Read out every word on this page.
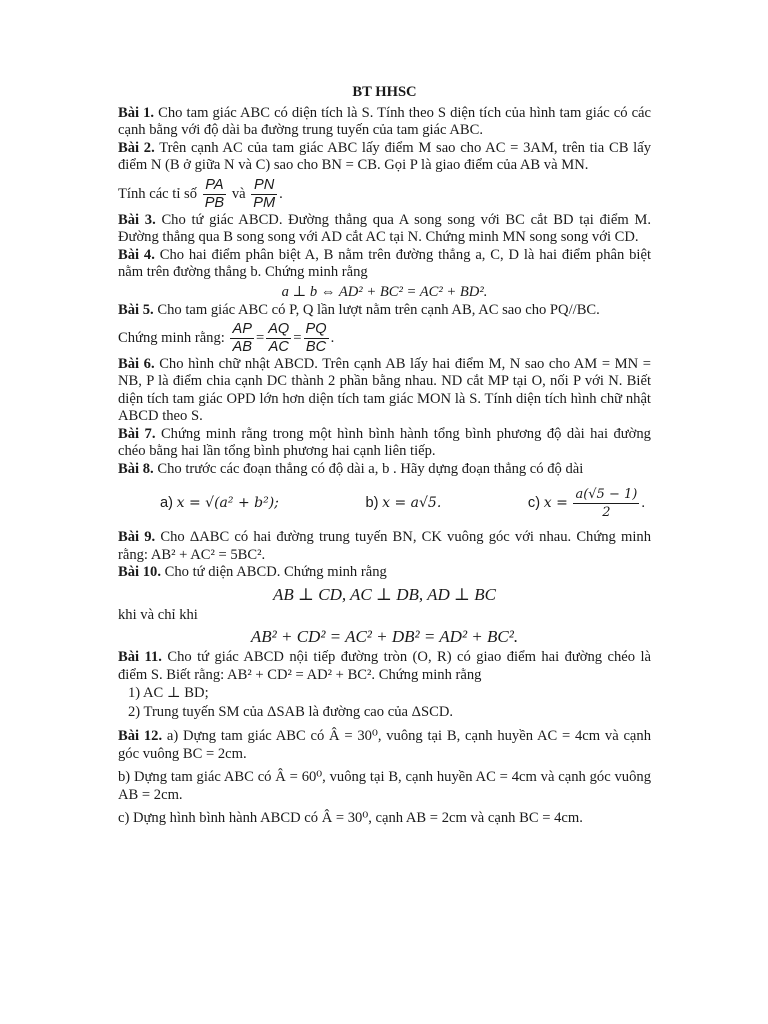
BT HHSC

Bài 1. Cho tam giác ABC có diện tích là S. Tính theo S diện tích của hình tam giác có các cạnh bằng với độ dài ba đường trung tuyến của tam giác ABC.

Bài 2. Trên cạnh AC của tam giác ABC lấy điểm M sao cho AC = 3AM, trên tia CB lấy điểm N (B ở giữa N và C) sao cho BN = CB. Gọi P là giao điểm của AB và MN.

Tính các tỉ số $\frac{PA}{PB}$ và $\frac{PN}{PM}$ .

Bài 3. Cho tứ giác ABCD. Đường thẳng qua A song song với BC cắt BD tại điểm M. Đường thẳng qua B song song với AD cắt AC tại N. Chứng minh MN song song với CD.

Bài 4. Cho hai điểm phân biệt A, B nằm trên đường thẳng a, C, D là hai điểm phân biệt nằm trên đường thẳng b. Chứng minh rằng

a ⊥ b ⇔ AD² + BC² = AC² + BD².

Bài 5. Cho tam giác ABC có P, Q lần lượt nằm trên cạnh AB, AC sao cho PQ//BC.

Chứng minh rằng: $\frac{AP}{AB} = \frac{AQ}{AC} = \frac{PQ}{BC}$ .

Bài 6. Cho hình chữ nhật ABCD. Trên cạnh AB lấy hai điểm M, N sao cho AM = MN = NB, P là điểm chia cạnh DC thành 2 phần bằng nhau. ND cắt MP tại O, nối P với N. Biết diện tích tam giác OPD lớn hơn diện tích tam giác MON là S. Tính diện tích hình chữ nhật ABCD theo S.

Bài 7. Chứng minh rằng trong một hình bình hành tổng bình phương độ dài hai đường chéo bằng hai lần tổng bình phương hai cạnh liên tiếp.

Bài 8. Cho trước các đoạn thẳng có độ dài a, b . Hãy dựng đoạn thẳng có độ dài

a) x = √(a² + b²);	b) x = a√5.	c) $x = \frac{a(√5 - 1)}{2}$ .

Bài 9. Cho ΔABC có hai đường trung tuyến BN, CK vuông góc với nhau. Chứng minh rằng: AB² + AC² = 5BC².

Bài 10. Cho tứ diện ABCD. Chứng minh rằng

AB ⊥ CD, AC ⊥ DB, AD ⊥ BC

khi và chỉ khi

AB² + CD² = AC² + DB² = AD² + BC².

Bài 11. Cho tứ giác ABCD nội tiếp đường tròn (O, R) có giao điểm hai đường chéo là điểm S. Biết rằng: AB² + CD² = AD² + BC². Chứng minh rằng

1) AC ⊥ BD;
2) Trung tuyến SM của ΔSAB là đường cao của ΔSCD.

Bài 12. a) Dựng tam giác ABC có Â = 30⁰, vuông tại B, cạnh huyền AC = 4cm và cạnh góc vuông BC = 2cm.

b) Dựng tam giác ABC có Â = 60⁰, vuông tại B, cạnh huyền AC = 4cm và cạnh góc vuông AB = 2cm.

c) Dựng hình bình hành ABCD có Â = 30⁰, cạnh AB = 2cm và cạnh BC = 4cm.
